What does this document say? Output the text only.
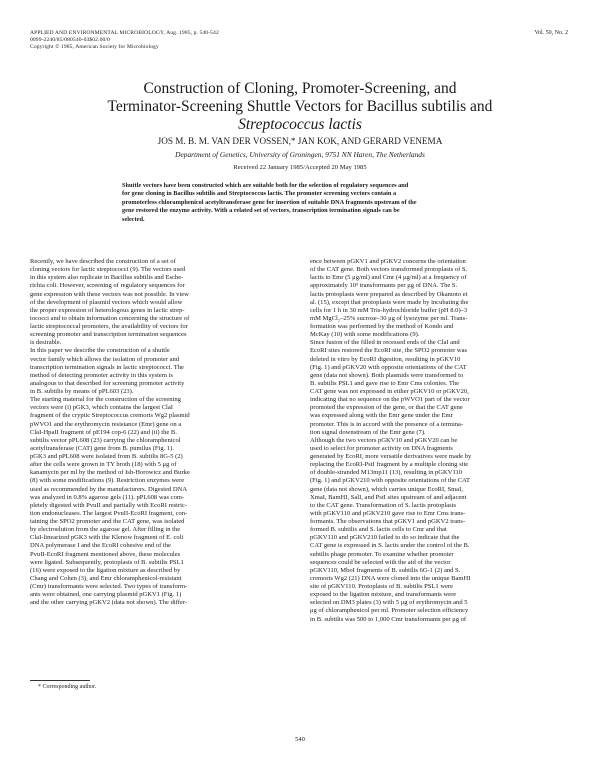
APPLIED AND ENVIRONMENTAL MICROBIOLOGY, Aug. 1985, p. 540-542
0099-2240/85/080540-03$02.00/0
Copyright © 1985, American Society for Microbiology
Vol. 50, No. 2
Construction of Cloning, Promoter-Screening, and
Terminator-Screening Shuttle Vectors for Bacillus subtilis and
Streptococcus lactis
JOS M. B. M. VAN DER VOSSEN,* JAN KOK, AND GERARD VENEMA
Department of Genetics, University of Groningen, 9751 NN Haren, The Netherlands
Received 22 January 1985/Accepted 20 May 1985
Shuttle vectors have been constructed which are suitable both for the selection of regulatory sequences and
for gene cloning in Bacillus subtilis and Streptococcus lactis. The promoter screening vectors contain a
promoterless chloramphenicol acetyltransferase gene for insertion of suitable DNA fragments upstream of the
gene restored the enzyme activity. With a related set of vectors, transcription termination signals can be
selected.
Recently, we have described the construction of a set of
cloning vectors for lactic streptococci (9). The vectors used
in this system also replicate in Bacillus subtilis and Esche-
richia coli. However, screening of regulatory sequences for
gene expression with these vectors was not possible. In view
of the development of plasmid vectors which would allow
the proper expression of heterologous genes in lactic strep-
tococci and to obtain information concerning the structure of
lactic streptococcal promoters, the availability of vectors for
screening promoter and transcription termination sequences
is desirable.
In this paper we describe the construction of a shuttle
vector family which allows the isolation of promoter and
transcription termination signals in lactic streptococci. The
method of detecting promoter activity in this system is
analogous to that described for screening promoter activity
in B. subtilis by means of pPL603 (23).
The starting material for the construction of the screening
vectors were (i) pGK3, which contains the largest ClaI
fragment of the cryptic Streptococcus cremoris Wg2 plasmid
pWVO1 and the erythromycin resistance (Emr) gene on a
ClaI-HpaII fragment of pE194 cop-6 (22) and (ii) the B.
subtilis vector pPL608 (23) carrying the chloramphenicol
acetyltransferase (CAT) gene from B. pumilus (Fig. 1).
pGK3 and pPL608 were isolated from B. subtilis 8G-5 (2)
after the cells were grown in TY broth (18) with 5 μg of
kanamycin per ml by the method of Ish-Horowicz and Burke
(8) with some modifications (9). Restriction enzymes were
used as recommended by the manufacturers. Digested DNA
was analyzed in 0.8% agarose gels (11). pPL608 was com-
pletely digested with PvuII and partially with EcoRI restric-
tion endonucleases. The largest PvuII-EcoRI fragment, con-
taining the SPO2 promoter and the CAT gene, was isolated
by electroelution from the agarose gel. After filling in the
ClaI-linearized pGK3 with the Klenow fragment of E. coli
DNA polymerase I and the EcoRI cohesive end of the
PvuII-EcoRI fragment mentioned above, these molecules
were ligated. Subsequently, protoplasts of B. subtilis PSL1
(16) were exposed to the ligation mixture as described by
Chang and Cohen (3), and Emr chloramphenicol-resistant
(Cmr) transformants were selected. Two types of transform-
ants were obtained, one carrying plasmid pGKV1 (Fig. 1)
and the other carrying pGKV2 (data not shown). The differ-
ence between pGKV1 and pGKV2 concerns the orientation
of the CAT gene. Both vectors transformed protoplasts of S.
lactis to Emr (5 μg/ml) and Cmr (4 μg/ml) at a frequency of
approximately 10³ transformants per μg of DNA. The S.
lactis protoplasts were prepared as described by Okamoto et
al. (15), except that protoplasts were made by incubating the
cells for 1 h in 30 mM Tris-hydrochloride buffer (pH 8.0)–3
mM MgCl₂–25% sucrose–30 μg of lysozyme per ml. Trans-
formation was performed by the method of Kondo and
McKay (10) with some modifications (9).
Since fusion of the filled in recessed ends of the ClaI and
EcoRI sites restored the EcoRI site, the SPO2 promoter was
deleted in vitro by EcoRI digestion, resulting in pGKV10
(Fig. 1) and pGKV20 with opposite orientations of the CAT
gene (data not shown). Both plasmids were transformed to
B. subtilis PSL1 and gave rise to Emr Cms colonies. The
CAT gene was not expressed in either pGKV10 or pGKV20,
indicating that no sequence on the pWVO1 part of the vector
promoted the expression of the gene, or that the CAT gene
was expressed along with the Emr gene under the Emr
promoter. This is in accord with the presence of a termina-
tion signal downstream of the Emr gene (7).
Although the two vectors pGKV10 and pGKV20 can be
used to select for promoter activity on DNA fragments
generated by EcoRI, more versatile derivatives were made by
replacing the EcoRI-PstI fragment by a multiple cloning site
of double-stranded M13mp11 (13), resulting in pGKV110
(Fig. 1) and pGKV210 with opposite orientations of the CAT
gene (data not shown), which carries unique EcoRI, SmaI,
XmaI, BamHI, SalI, and PstI sites upstream of and adjacent
to the CAT gene. Transformation of S. lactis protoplasts
with pGKV110 and pGKV210 gave rise to Emr Cms trans-
formants. The observations that pGKV1 and pGKV2 trans-
formed B. subtilis and S. lactis cells to Cmr and that
pGKV110 and pGKV210 failed to do so indicate that the
CAT gene is expressed in S. lactis under the control of the B.
subtilis phage promoter. To examine whether promoter
sequences could be selected with the aid of the vector
pGKV110, MboI fragments of B. subtilis 6G-1 (2) and S.
cremoris Wg2 (21) DNA were cloned into the unique BamHI
site of pGKV110. Protoplasts of B. subtilis PSL1 were
exposed to the ligation mixture, and transformants were
selected on DM3 plates (3) with 5 μg of erythromycin and 5
μg of chloramphenicol per ml. Promoter selection efficiency
in B. subtilis was 500 to 1,000 Cmr transformants per μg of
* Corresponding author.
540
